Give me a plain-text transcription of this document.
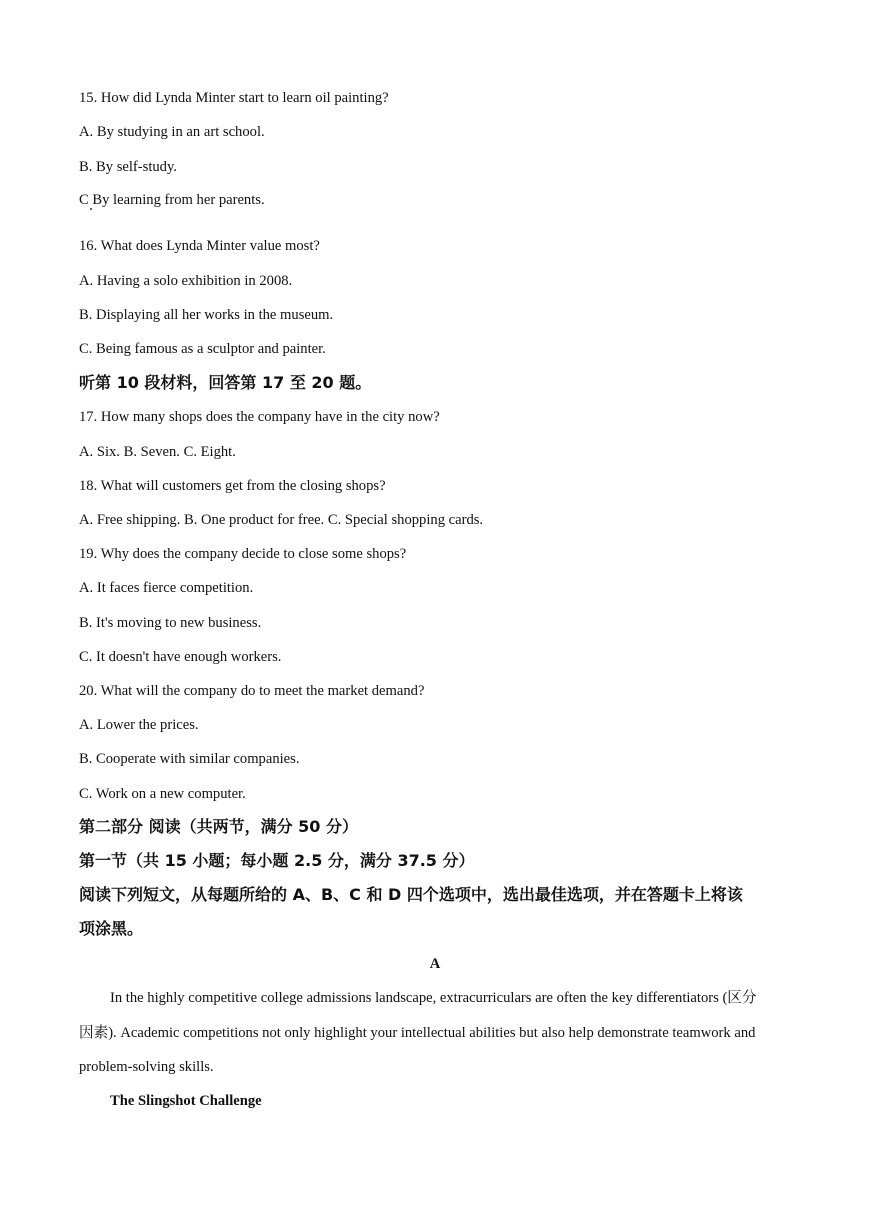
15. How did Lynda Minter start to learn oil painting?
A. By studying in an art school.
B. By self-study.
C By learning from her parents.
16. What does Lynda Minter value most?
A. Having a solo exhibition in 2008.
B. Displaying all her works in the museum.
C. Being famous as a sculptor and painter.
听第 10 段材料，回答第 17 至 20 题。
17. How many shops does the company have in the city now?
A. Six. B. Seven. C. Eight.
18. What will customers get from the closing shops?
A. Free shipping. B. One product for free. C. Special shopping cards.
19. Why does the company decide to close some shops?
A. It faces fierce competition.
B. It's moving to new business.
C. It doesn't have enough workers.
20. What will the company do to meet the market demand?
A. Lower the prices.
B. Cooperate with similar companies.
C. Work on a new computer.
第二部分 阅读（共两节，满分 50 分）
第一节（共 15 小题；每小题 2.5 分，满分 37.5 分）
阅读下列短文，从每题所给的 A、B、C 和 D 四个选项中，选出最佳选项，并在答题卡上将该
项涂黑。
A
In the highly competitive college admissions landscape, extracurriculars are often the key differentiators (区分
因素). Academic competitions not only highlight your intellectual abilities but also help demonstrate teamwork and
problem-solving skills.
The Slingshot Challenge
